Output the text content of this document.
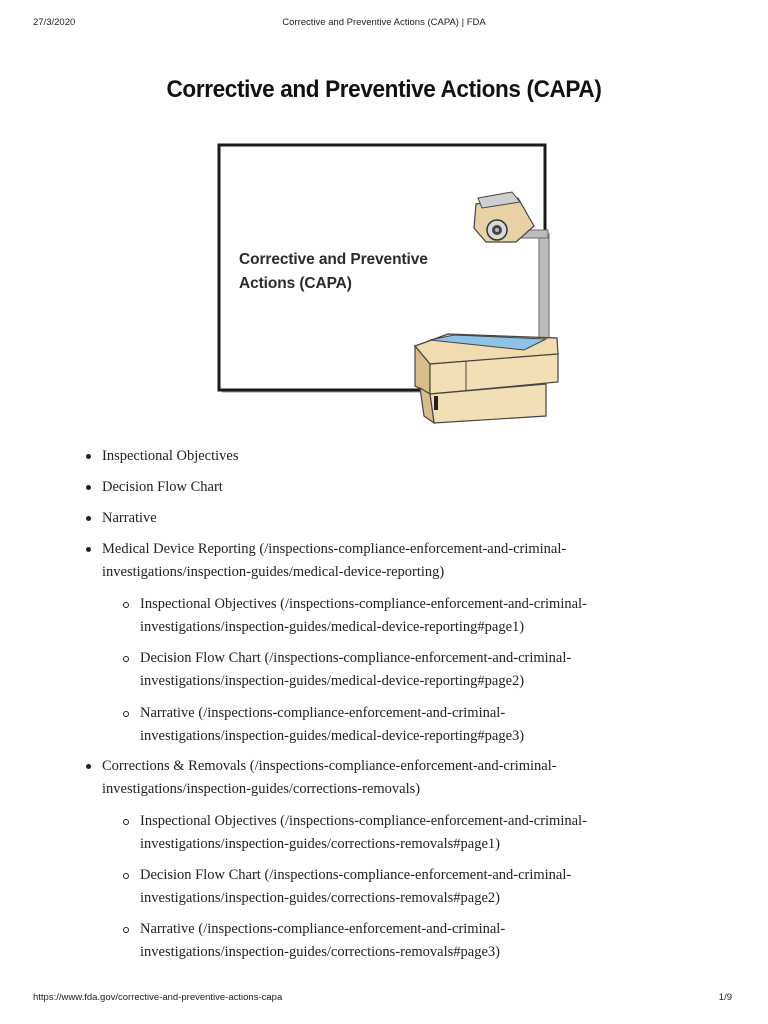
27/3/2020	Corrective and Preventive Actions (CAPA) | FDA
Corrective and Preventive Actions (CAPA)
Corrective and Preventive
Actions (CAPA)
Inspectional Objectives
Decision Flow Chart
Narrative
Medical Device Reporting (/inspections-compliance-enforcement-and-criminal-
investigations/inspection-guides/medical-device-reporting)
Inspectional Objectives (/inspections-compliance-enforcement-and-criminal-
investigations/inspection-guides/medical-device-reporting#page1)
Decision Flow Chart (/inspections-compliance-enforcement-and-criminal-
investigations/inspection-guides/medical-device-reporting#page2)
Narrative (/inspections-compliance-enforcement-and-criminal-
investigations/inspection-guides/medical-device-reporting#page3)
Corrections & Removals (/inspections-compliance-enforcement-and-criminal-
investigations/inspection-guides/corrections-removals)
Inspectional Objectives (/inspections-compliance-enforcement-and-criminal-
investigations/inspection-guides/corrections-removals#page1)
Decision Flow Chart (/inspections-compliance-enforcement-and-criminal-
investigations/inspection-guides/corrections-removals#page2)
Narrative (/inspections-compliance-enforcement-and-criminal-
investigations/inspection-guides/corrections-removals#page3)
https://www.fda.gov/corrective-and-preventive-actions-capa	1/9
